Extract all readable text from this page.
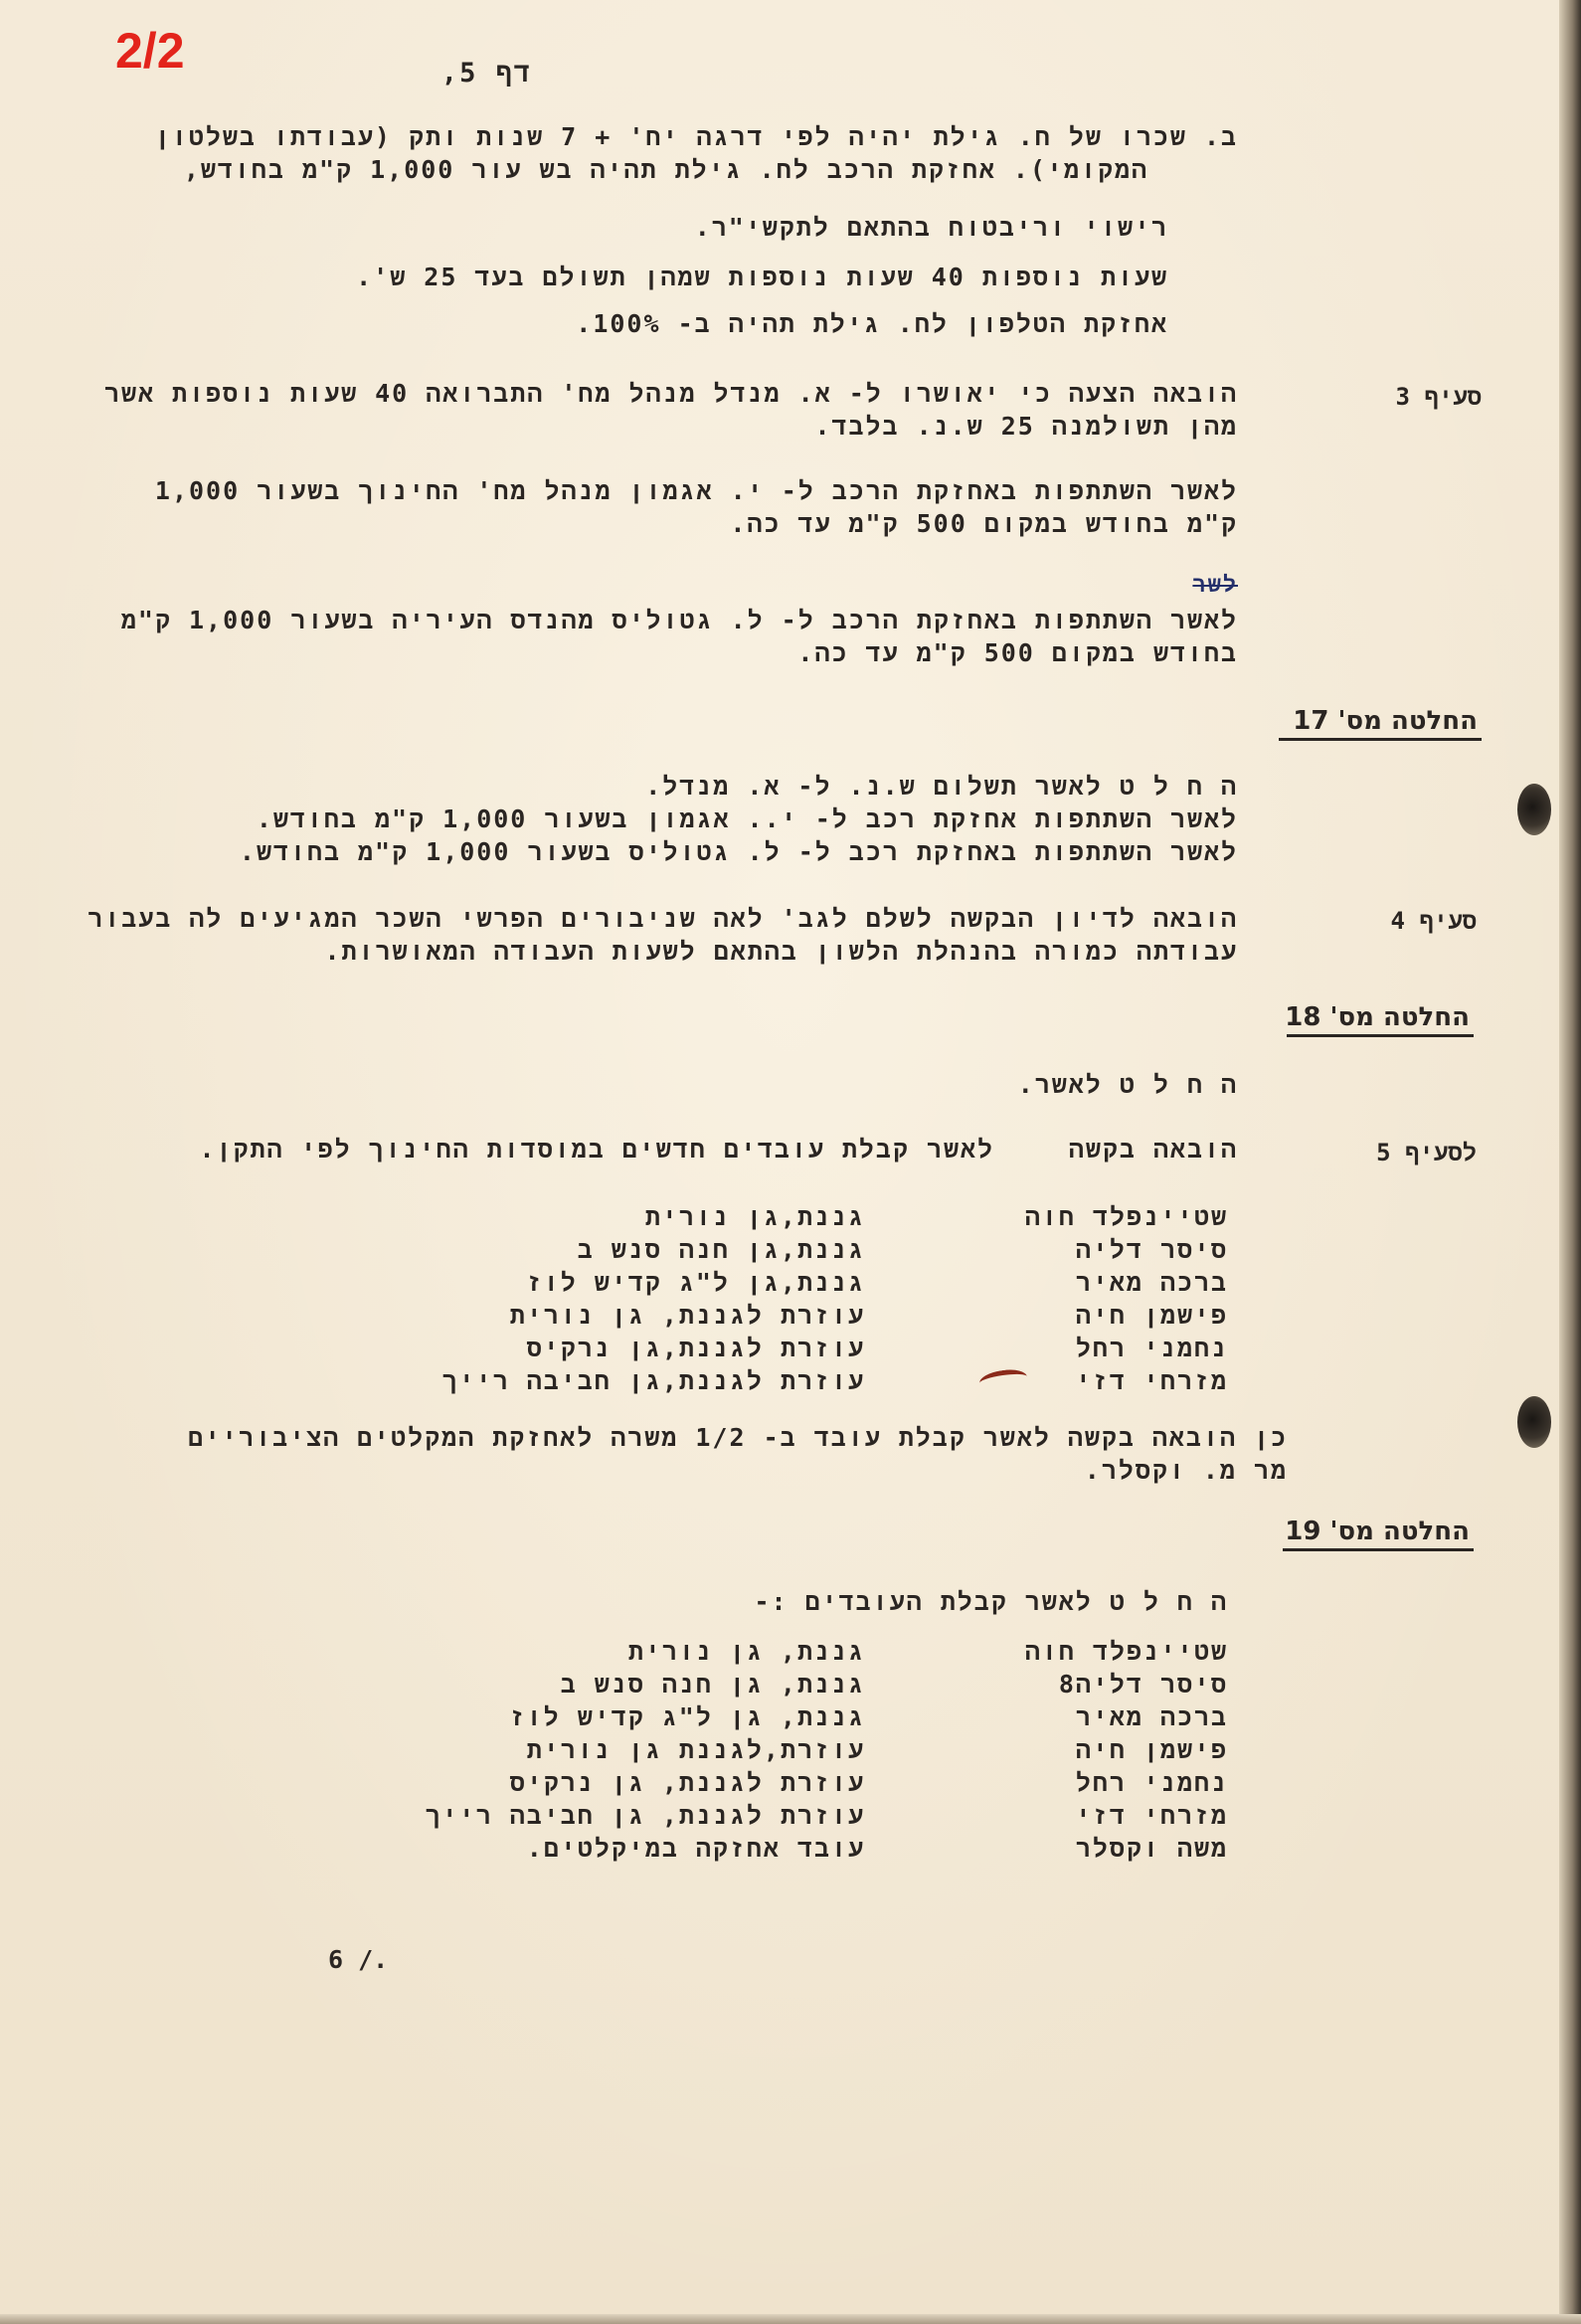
2/2	דף 5,
ב. שכרו של ח. גילת יהיה לפי דרגה יח' + 7 שנות ותק (עבודתו בשלטון
המקומי). אחזקת הרכב לח. גילת תהיה בש עור 1,000 ק"מ בחודש,
רישוי וריבטוח בהתאם לתקשי"ר.
שעות נוספות 40 שעות נוספות שמהן תשולם בעד 25 ש'.
אחזקת הטלפון לח. גילת תהיה ב- 100%.
סעיף 3
הובאה הצעה כי יאושרו ל- א. מנדל מנהל מח' התברואה 40 שעות נוספות אשר
מהן תשולמנה 25 ש.נ. בלבד.
לאשר השתתפות באחזקת הרכב ל- י. אגמון מנהל מח' החינוך בשעור 1,000
ק"מ בחודש במקום 500 ק"מ עד כה.
לשר
לאשר השתתפות באחזקת הרכב ל- ל. גטוליס מהנדס העיריה בשעור 1,000 ק"מ
בחודש במקום 500 ק"מ עד כה.
החלטה מס' 17
ה ח ל ט לאשר תשלום ש.נ. ל- א. מנדל.
לאשר השתתפות אחזקת רכב ל- י.. אגמון בשעור 1,000 ק"מ בחודש.
לאשר השתתפות באחזקת רכב ל- ל. גטוליס בשעור 1,000 ק"מ בחודש.
סעיף 4
הובאה לדיון הבקשה לשלם לגב' לאה שניבורים הפרשי השכר המגיעים לה בעבור
עבודתה כמורה בהנהלת הלשון בהתאם לשעות העבודה המאושרות.
החלטה מס' 18
ה ח ל ט לאשר.
לסעיף 5
הובאה בקשה
לאשר קבלת עובדים חדשים במוסדות החינוך לפי התקן.
שטיינפלד חוה
גננת,גן נורית
סיסר דליה
גננת,גן חנה סנש ב
ברכה מאיר
גננת,גן ל"ג קדיש לוז
פישמן חיה
עוזרת לגננת, גן נורית
נחמני רחל
עוזרת לגננת,גן נרקיס
מזרחי דזי
עוזרת לגננת,גן חביבה רייך
כן הובאה בקשה לאשר קבלת עובד ב- 1/2 משרה לאחזקת המקלטים הציבוריים
מר מ. וקסלר.
החלטה מס' 19
ה ח ל ט לאשר קבלת העובדים :-
שטיינפלד חוה
גננת, גן נורית
סיסר דליה8
גננת, גן חנה סנש ב
ברכה מאיר
גננת, גן ל"ג קדיש לוז
פישמן חיה
עוזרת,לגננת גן נורית
נחמני רחל
עוזרת לגננת, גן נרקיס
מזרחי דזי
עוזרת לגננת, גן חביבה רייך
משה וקסלר
עובד אחזקה במיקלטים.
6 /.
